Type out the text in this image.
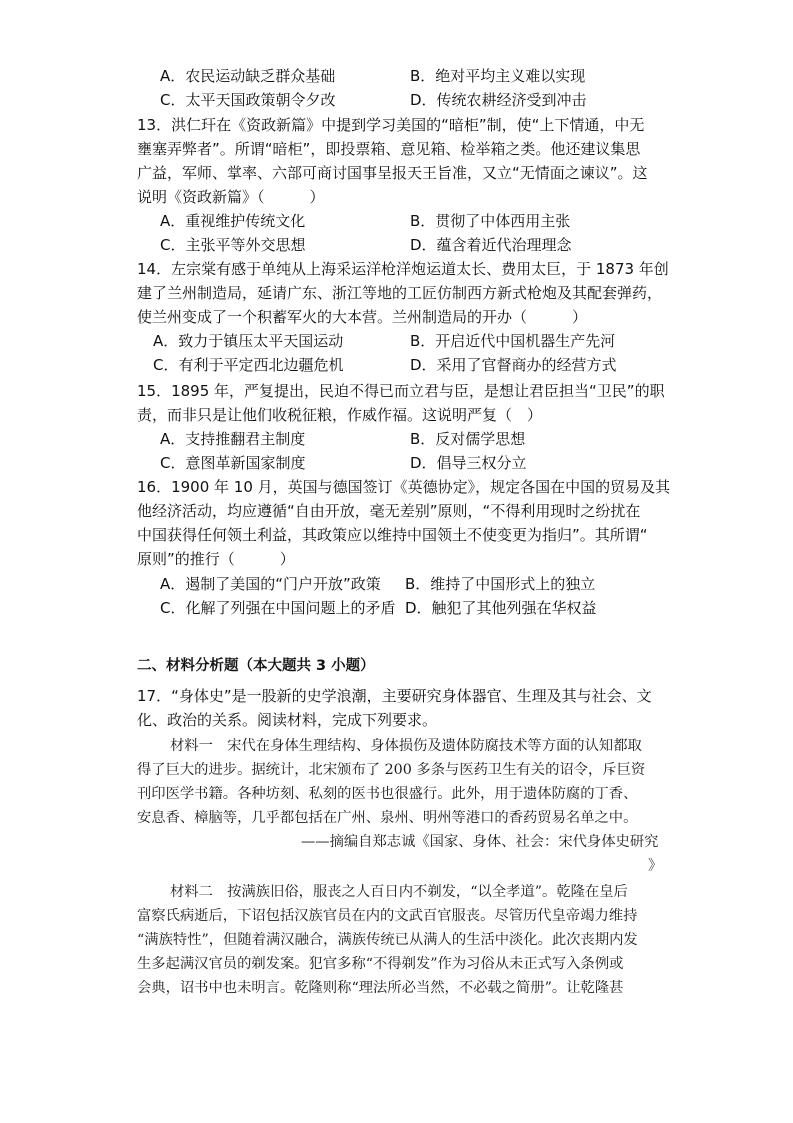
A．农民运动缺乏群众基础	B．绝对平均主义难以实现
C．太平天国政策朝令夕改	D．传统农耕经济受到冲击
13．洪仁玕在《资政新篇》中提到学习美国的“暗柜”制，使“上下情通，中无
壅塞弄弊者”。所谓“暗柜”，即投票箱、意见箱、检举箱之类。他还建议集思
广益，军师、掌率、六部可商讨国事呈报天王旨准，又立“无情面之谏议”。这
说明《资政新篇》（　　　）
A．重视维护传统文化	B．贯彻了中体西用主张
C．主张平等外交思想	D．蕴含着近代治理理念
14．左宗棠有感于单纯从上海采运洋枪洋炮运道太长、费用太巨，于 1873 年创
建了兰州制造局，延请广东、浙江等地的工匠仿制西方新式枪炮及其配套弹药，
使兰州变成了一个积蓄军火的大本营。兰州制造局的开办（　　　）
A．致力于镇压太平天国运动	B．开启近代中国机器生产先河
C．有利于平定西北边疆危机	D．采用了官督商办的经营方式
15．1895 年，严复提出，民迫不得已而立君与臣，是想让君臣担当“卫民”的职
责，而非只是让他们收税征粮，作威作福。这说明严复（　）
A．支持推翻君主制度	B．反对儒学思想
C．意图革新国家制度	D．倡导三权分立
16．1900 年 10 月，英国与德国签订《英德协定》，规定各国在中国的贸易及其
他经济活动，均应遵循“自由开放，毫无差别”原则，“不得利用现时之纷扰在
中国获得任何领土利益，其政策应以维持中国领土不使变更为指归”。其所谓“
原则”的推行（　　　）
A．遏制了美国的“门户开放”政策 B．维持了中国形式上的独立
C．化解了列强在中国问题上的矛盾 D．触犯了其他列强在华权益
二、材料分析题（本大题共 3 小题）
17．“身体史”是一股新的史学浪潮，主要研究身体器官、生理及其与社会、文
化、政治的关系。阅读材料，完成下列要求。
材料一　宋代在身体生理结构、身体损伤及遗体防腐技术等方面的认知都取
得了巨大的进步。据统计，北宋颁布了 200 多条与医药卫生有关的诏令，斥巨资
刊印医学书籍。各种坊刻、私刻的医书也很盛行。此外，用于遗体防腐的丁香、
安息香、樟脑等，几乎都包括在广州、泉州、明州等港口的香药贸易名单之中。
——摘编自郑志诚《国家、身体、社会：宋代身体史研究
》
材料二　按满族旧俗，服丧之人百日内不剃发，“以全孝道”。乾隆在皇后
富察氏病逝后，下诏包括汉族官员在内的文武百官服丧。尽管历代皇帝竭力维持
“满族特性”，但随着满汉融合，满族传统已从满人的生活中淡化。此次丧期内发
生多起满汉官员的剃发案。犯官多称“不得剃发”作为习俗从未正式写入条例或
会典，诏书中也未明言。乾隆则称“理法所必当然，不必载之简册”。让乾隆甚
